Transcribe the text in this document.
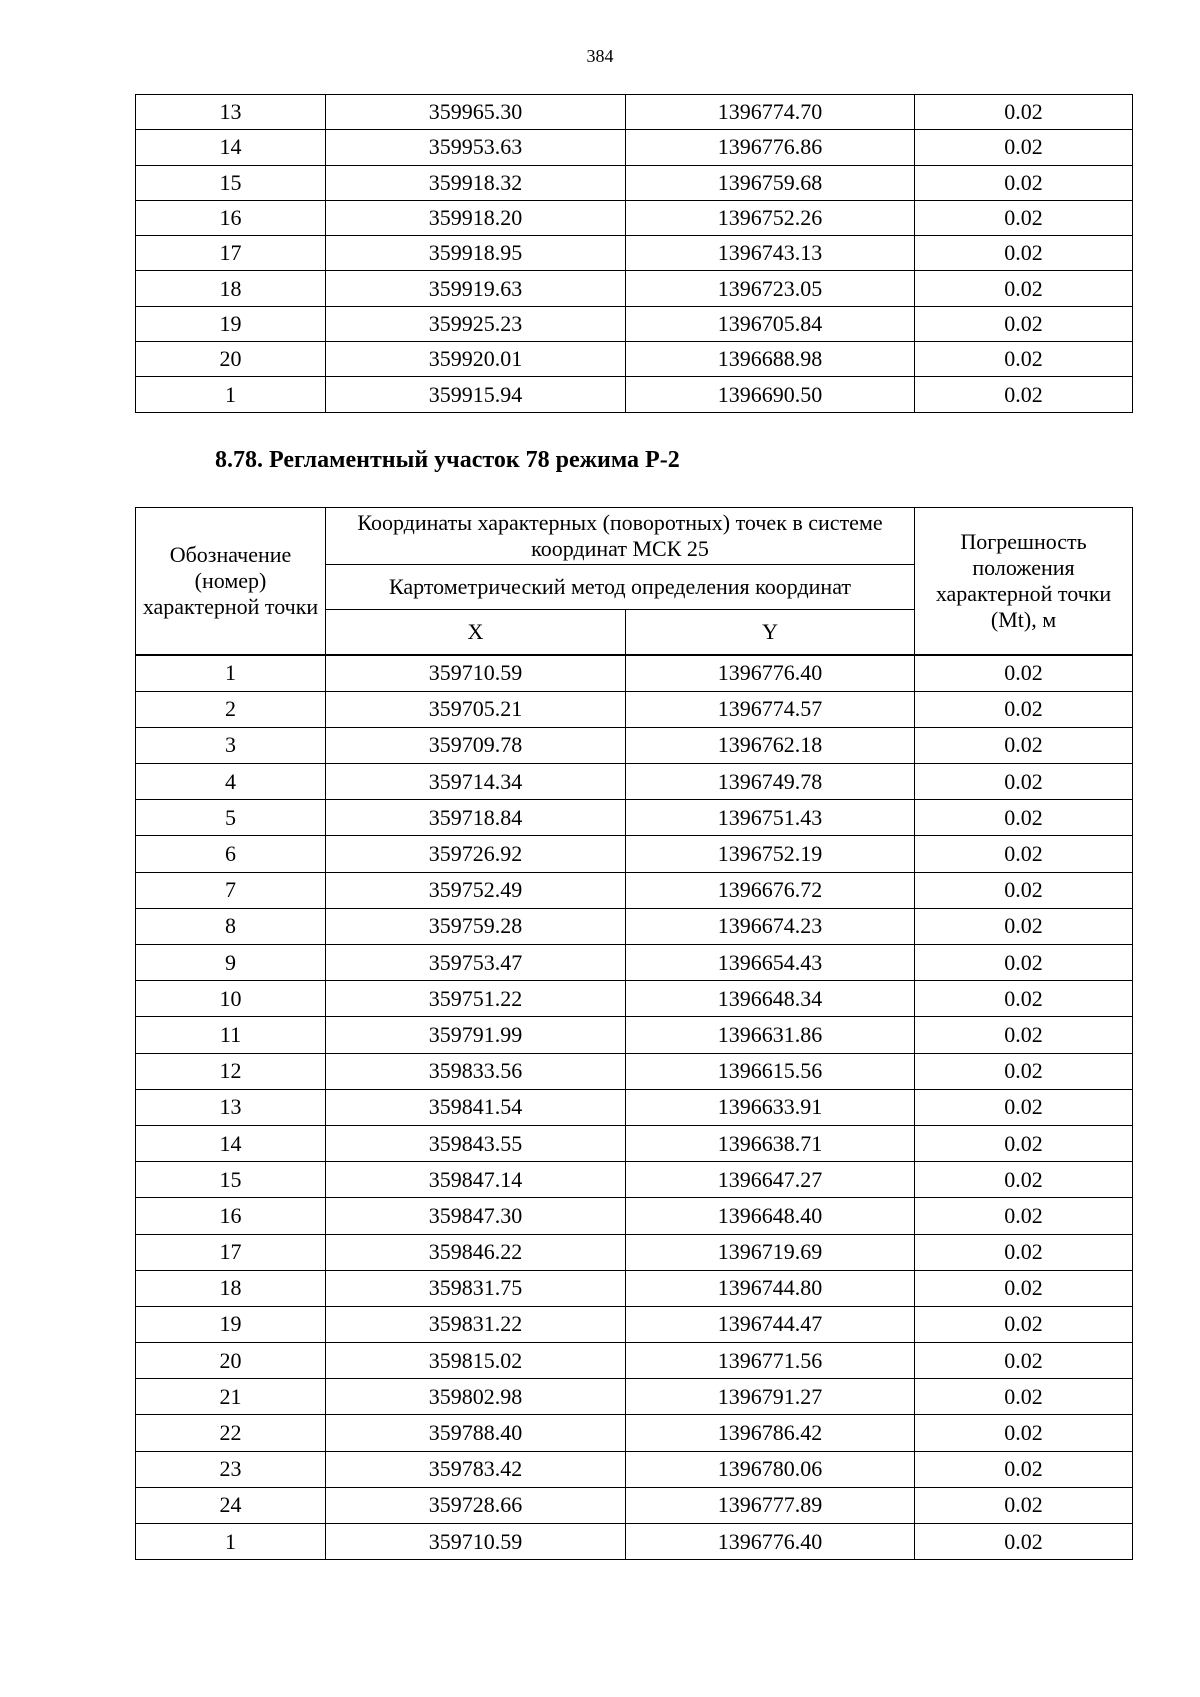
384
13	359965.30	1396774.70	0.02
14	359953.63	1396776.86	0.02
15	359918.32	1396759.68	0.02
16	359918.20	1396752.26	0.02
17	359918.95	1396743.13	0.02
18	359919.63	1396723.05	0.02
19	359925.23	1396705.84	0.02
20	359920.01	1396688.98	0.02
1	359915.94	1396690.50	0.02
8.78. Регламентный участок 78 режима Р-2
Обозначение (номер) характерной точки	Координаты характерных (поворотных) точек в системе координат МСК 25		Погрешность положения характерной точки (Mt), м
	Картометрический метод определения координат		
	X	Y	
1	359710.59	1396776.40	0.02
2	359705.21	1396774.57	0.02
3	359709.78	1396762.18	0.02
4	359714.34	1396749.78	0.02
5	359718.84	1396751.43	0.02
6	359726.92	1396752.19	0.02
7	359752.49	1396676.72	0.02
8	359759.28	1396674.23	0.02
9	359753.47	1396654.43	0.02
10	359751.22	1396648.34	0.02
11	359791.99	1396631.86	0.02
12	359833.56	1396615.56	0.02
13	359841.54	1396633.91	0.02
14	359843.55	1396638.71	0.02
15	359847.14	1396647.27	0.02
16	359847.30	1396648.40	0.02
17	359846.22	1396719.69	0.02
18	359831.75	1396744.80	0.02
19	359831.22	1396744.47	0.02
20	359815.02	1396771.56	0.02
21	359802.98	1396791.27	0.02
22	359788.40	1396786.42	0.02
23	359783.42	1396780.06	0.02
24	359728.66	1396777.89	0.02
1	359710.59	1396776.40	0.02
